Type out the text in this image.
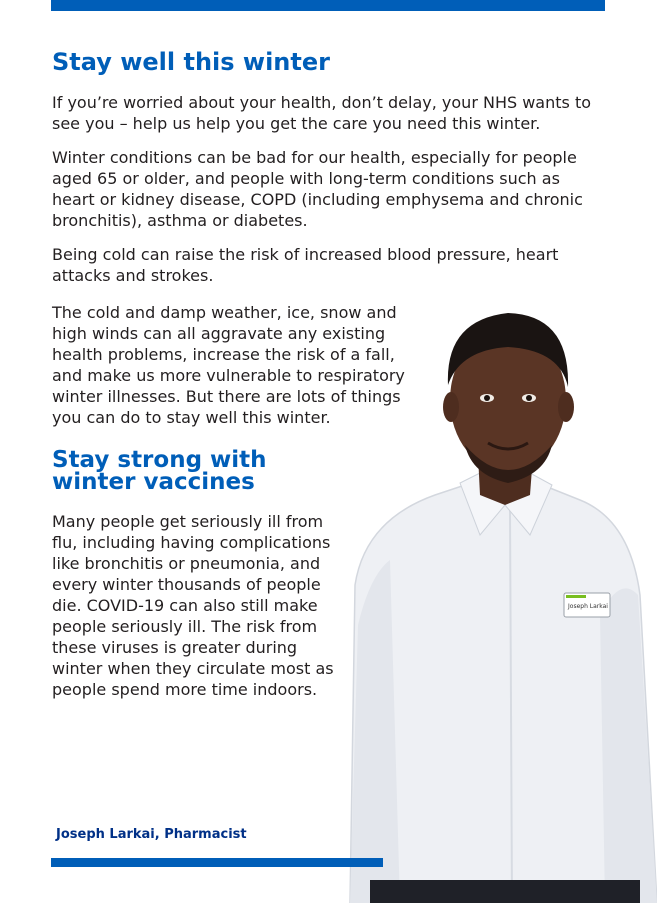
Stay well this winter

If you’re worried about your health, don’t delay, your NHS wants to see you – help us help you get the care you need this winter.

Winter conditions can be bad for our health, especially for people aged 65 or older, and people with long-term conditions such as heart or kidney disease, COPD (including emphysema and chronic bronchitis), asthma or diabetes.

Being cold can raise the risk of increased blood pressure, heart attacks and strokes.

The cold and damp weather, ice, snow and high winds can all aggravate any existing health problems, increase the risk of a fall, and make us more vulnerable to respiratory winter illnesses. But there are lots of things you can do to stay well this winter.

Stay strong with winter vaccines

Many people get seriously ill from flu, including having complications like bronchitis or pneumonia, and every winter thousands of people die. COVID-19 can also still make people seriously ill. The risk from these viruses is greater during winter when they circulate most as people spend more time indoors.

Joseph Larkai
Joseph Larkai, Pharmacist
